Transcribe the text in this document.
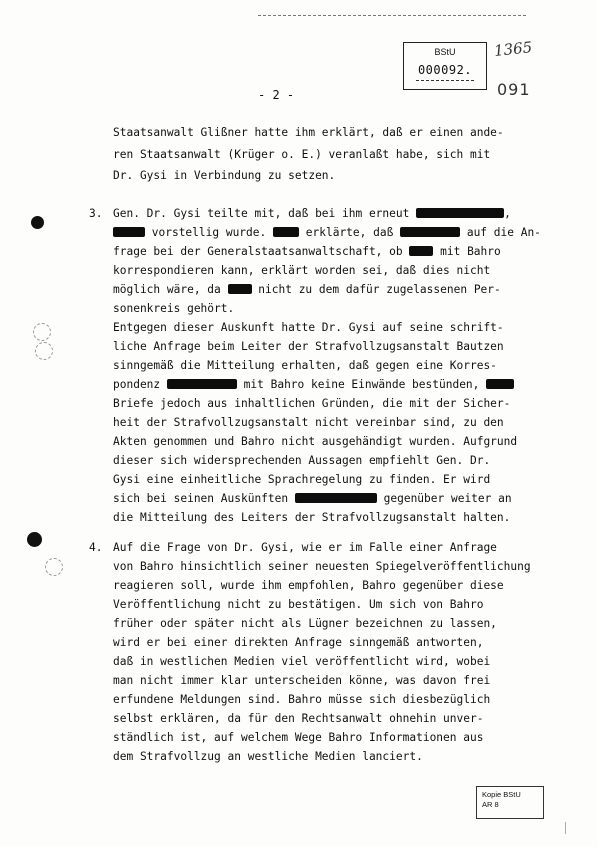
BStU
000092.
1365
091
- 2 -
Staatsanwalt Glißner hatte ihm erklärt, daß er einen ande-
ren Staatsanwalt (Krüger o. E.) veranlaßt habe, sich mit
Dr. Gysi in Verbindung zu setzen.
3. Gen. Dr. Gysi teilte mit, daß bei ihm erneut	,
vorstellig wurde.	erklärte, daß	auf die An-
frage bei der Generalstaatsanwaltschaft, ob	mit Bahro
korrespondieren kann, erklärt worden sei, daß dies nicht
möglich wäre, da	nicht zu dem dafür zugelassenen Per-
sonenkreis gehört.
Entgegen dieser Auskunft hatte Dr. Gysi auf seine schrift-
liche Anfrage beim Leiter der Strafvollzugsanstalt Bautzen
sinngemäß die Mitteilung erhalten, daß gegen eine Korres-
pondenz	mit Bahro keine Einwände bestünden,
Briefe jedoch aus inhaltlichen Gründen, die mit der Sicher-
heit der Strafvollzugsanstalt nicht vereinbar sind, zu den
Akten genommen und Bahro nicht ausgehändigt wurden. Aufgrund
dieser sich widersprechenden Aussagen empfiehlt Gen. Dr.
Gysi eine einheitliche Sprachregelung zu finden. Er wird
sich bei seinen Auskünften	gegenüber weiter an
die Mitteilung des Leiters der Strafvollzugsanstalt halten.
4. Auf die Frage von Dr. Gysi, wie er im Falle einer Anfrage
von Bahro hinsichtlich seiner neuesten Spiegelveröffentlichung
reagieren soll, wurde ihm empfohlen, Bahro gegenüber diese
Veröffentlichung nicht zu bestätigen. Um sich von Bahro
früher oder später nicht als Lügner bezeichnen zu lassen,
wird er bei einer direkten Anfrage sinngemäß antworten,
daß in westlichen Medien viel veröffentlicht wird, wobei
man nicht immer klar unterscheiden könne, was davon frei
erfundene Meldungen sind. Bahro müsse sich diesbezüglich
selbst erklären, da für den Rechtsanwalt ohnehin unver-
ständlich ist, auf welchem Wege Bahro Informationen aus
dem Strafvollzug an westliche Medien lanciert.
Kopie BStU
AR 8
